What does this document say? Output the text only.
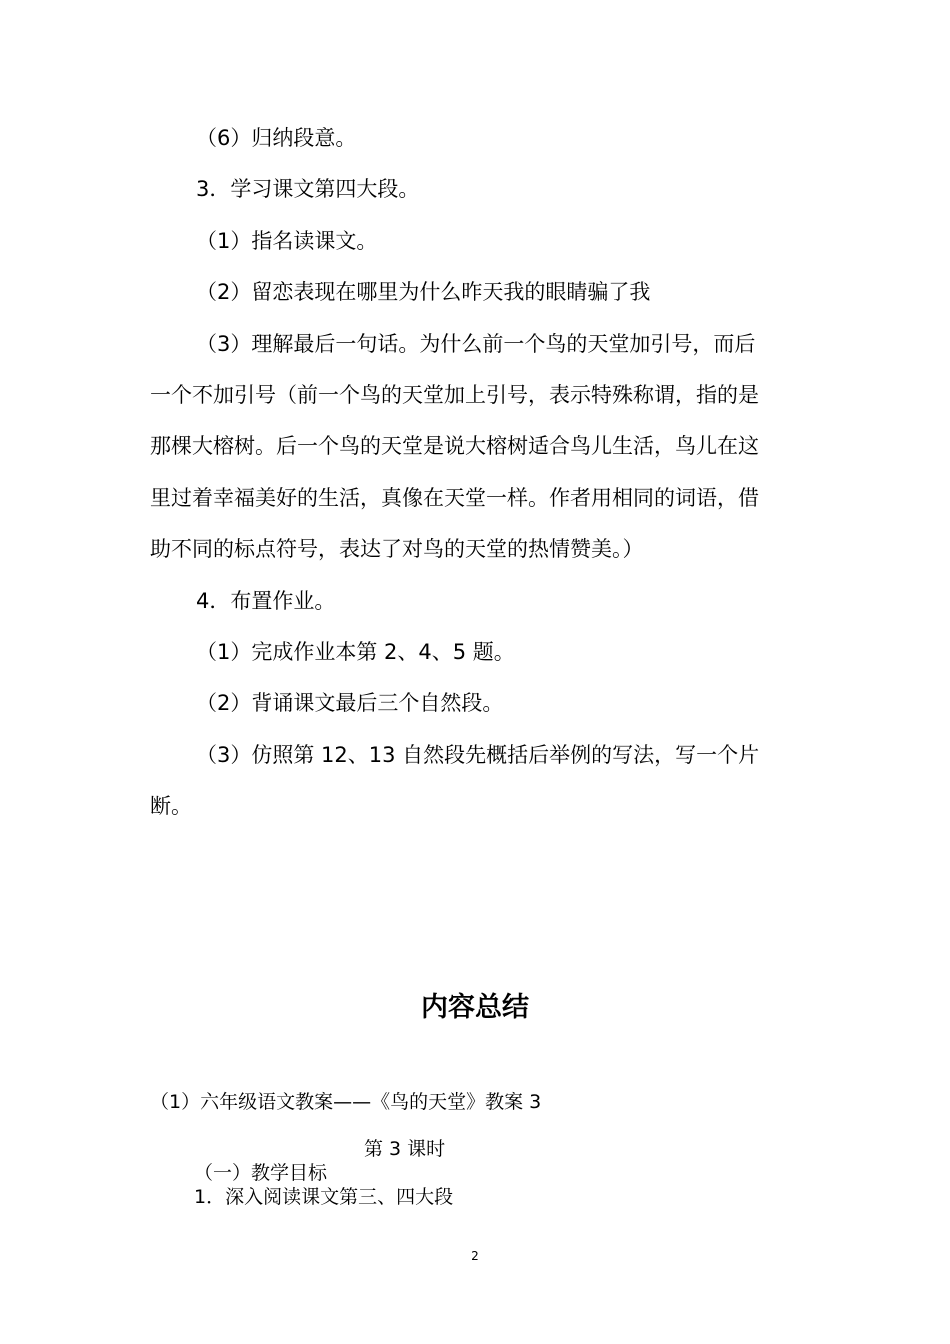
（6）归纳段意。

3．学习课文第四大段。

（1）指名读课文。

（2）留恋表现在哪里为什么昨天我的眼睛骗了我

（3）理解最后一句话。为什么前一个鸟的天堂加引号，而后

一个不加引号（前一个鸟的天堂加上引号，表示特殊称谓，指的是

那棵大榕树。后一个鸟的天堂是说大榕树适合鸟儿生活，鸟儿在这

里过着幸福美好的生活，真像在天堂一样。作者用相同的词语，借

助不同的标点符号，表达了对鸟的天堂的热情赞美。）

4．布置作业。

（1）完成作业本第 2、4、5 题。

（2）背诵课文最后三个自然段。

（3）仿照第 12、13 自然段先概括后举例的写法，写一个片

断。

内容总结

（1）六年级语文教案——《鸟的天堂》教案 3

第 3 课时

（一）教学目标

1．深入阅读课文第三、四大段

2
